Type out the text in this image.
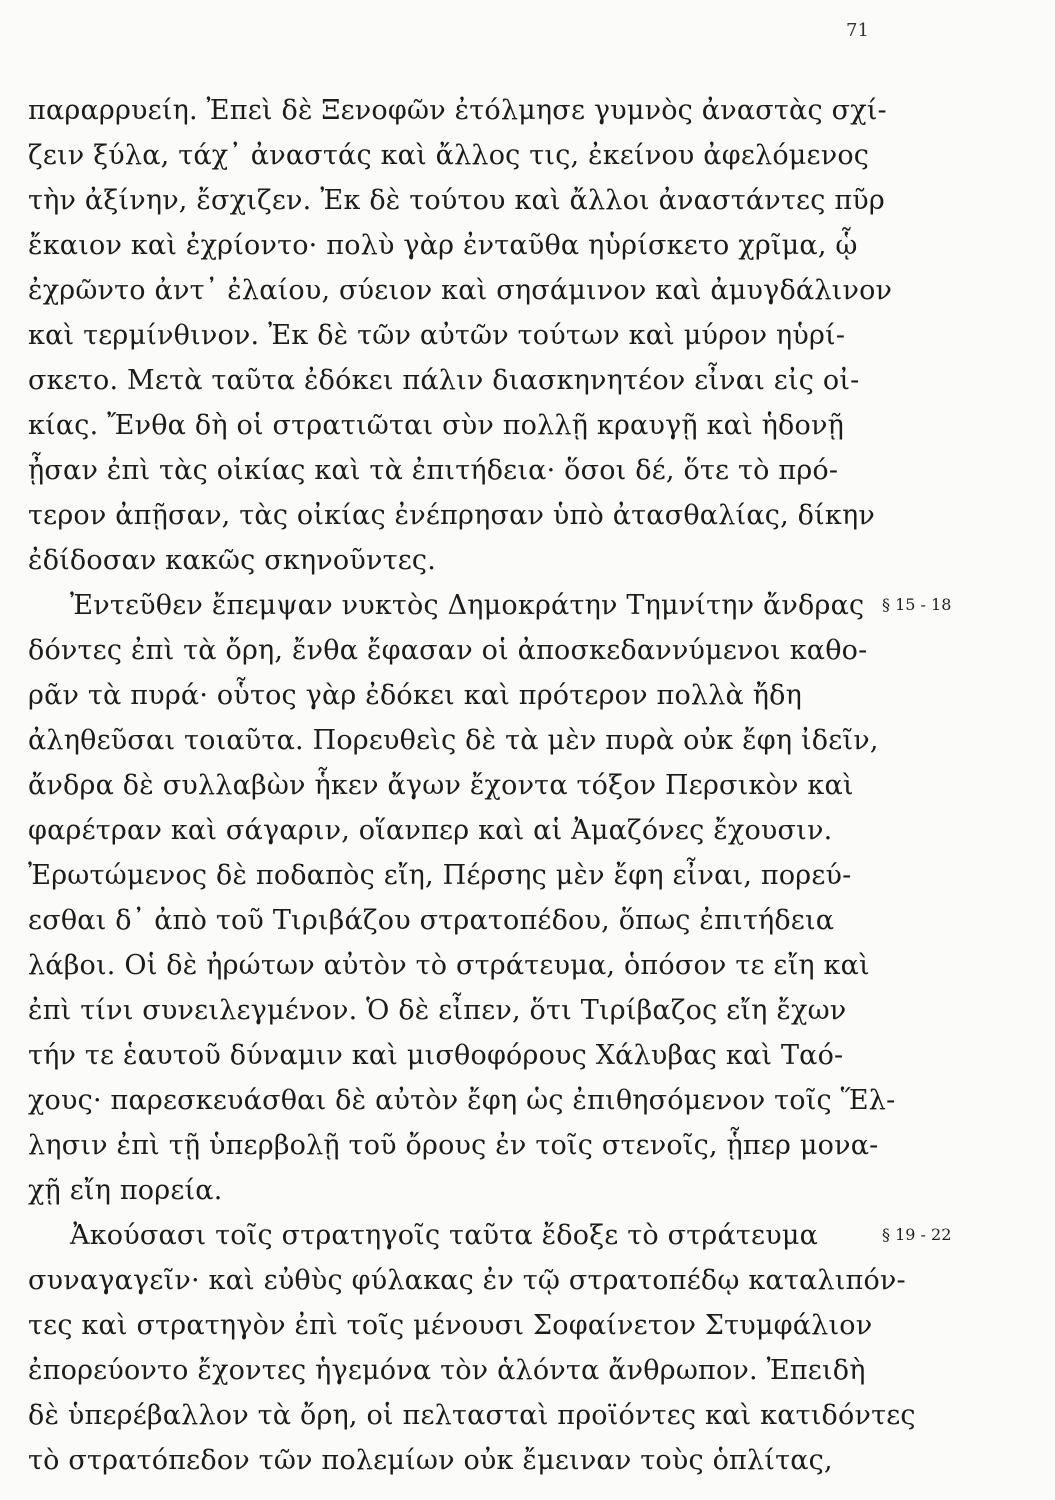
71
παραρρυείη. Ἐπεὶ δὲ Ξενοφῶν ἐτόλμησε γυμνὸς ἀναστὰς σχί-
ζειν ξύλα, τάχ᾽ ἀναστάς καὶ ἄλλος τις, ἐκείνου ἀφελόμενος
τὴν ἀξίνην, ἔσχιζεν. Ἐκ δὲ τούτου καὶ ἄλλοι ἀναστάντες πῦρ
ἔκαιον καὶ ἐχρίοντο· πολὺ γὰρ ἐνταῦθα ηὑρίσκετο χρῖμα, ᾧ
ἐχρῶντο ἀντ᾽ ἐλαίου, σύειον καὶ σησάμινον καὶ ἀμυγδάλινον
καὶ τερμίνθινον. Ἐκ δὲ τῶν αὐτῶν τούτων καὶ μύρον ηὑρί-
σκετο. Μετὰ ταῦτα ἐδόκει πάλιν διασκηνητέον εἶναι εἰς οἰ-
κίας. Ἔνθα δὴ οἱ στρατιῶται σὺν πολλῇ κραυγῇ καὶ ἡδονῇ
ᾖσαν ἐπὶ τὰς οἰκίας καὶ τὰ ἐπιτήδεια· ὅσοι δέ, ὅτε τὸ πρό-
τερον ἀπῇσαν, τὰς οἰκίας ἐνέπρησαν ὑπὸ ἀτασθαλίας, δίκην
ἐδίδοσαν κακῶς σκηνοῦντες.
Ἐντεῦθεν ἔπεμψαν νυκτὸς Δημοκράτην Τημνίτην ἄνδρας
δόντες ἐπὶ τὰ ὄρη, ἔνθα ἔφασαν οἱ ἀποσκεδαννύμενοι καθο-
ρᾶν τὰ πυρά· οὗτος γὰρ ἐδόκει καὶ πρότερον πολλὰ ἤδη
ἀληθεῦσαι τοιαῦτα. Πορευθεὶς δὲ τὰ μὲν πυρὰ οὐκ ἔφη ἰδεῖν,
ἄνδρα δὲ συλλαβὼν ἧκεν ἄγων ἔχοντα τόξον Περσικὸν καὶ
φαρέτραν καὶ σάγαριν, οἵανπερ καὶ αἱ Ἀμαζόνες ἔχουσιν.
Ἐρωτώμενος δὲ ποδαπὸς εἴη, Πέρσης μὲν ἔφη εἶναι, πορεύ-
εσθαι δ᾽ ἀπὸ τοῦ Τιριβάζου στρατοπέδου, ὅπως ἐπιτήδεια
λάβοι. Οἱ δὲ ἠρώτων αὐτὸν τὸ στράτευμα, ὁπόσον τε εἴη καὶ
ἐπὶ τίνι συνειλεγμένον. Ὁ δὲ εἶπεν, ὅτι Τιρίβαζος εἴη ἔχων
τήν τε ἑαυτοῦ δύναμιν καὶ μισθοφόρους Χάλυβας καὶ Ταό-
χους· παρεσκευάσθαι δὲ αὐτὸν ἔφη ὡς ἐπιθησόμενον τοῖς Ἕλ-
λησιν ἐπὶ τῇ ὑπερβολῇ τοῦ ὄρους ἐν τοῖς στενοῖς, ᾗπερ μονα-
χῇ εἴη πορεία.
Ἀκούσασι τοῖς στρατηγοῖς ταῦτα ἔδοξε τὸ στράτευμα
συναγαγεῖν· καὶ εὐθὺς φύλακας ἐν τῷ στρατοπέδῳ καταλιπόν-
τες καὶ στρατηγὸν ἐπὶ τοῖς μένουσι Σοφαίνετον Στυμφάλιον
ἐπορεύοντο ἔχοντες ἡγεμόνα τὸν ἁλόντα ἄνθρωπον. Ἐπειδὴ
δὲ ὑπερέβαλλον τὰ ὄρη, οἱ πελτασταὶ προϊόντες καὶ κατιδόντες
τὸ στρατόπεδον τῶν πολεμίων οὐκ ἔμειναν τοὺς ὁπλίτας,
§ 15 - 18
§ 19 - 22
